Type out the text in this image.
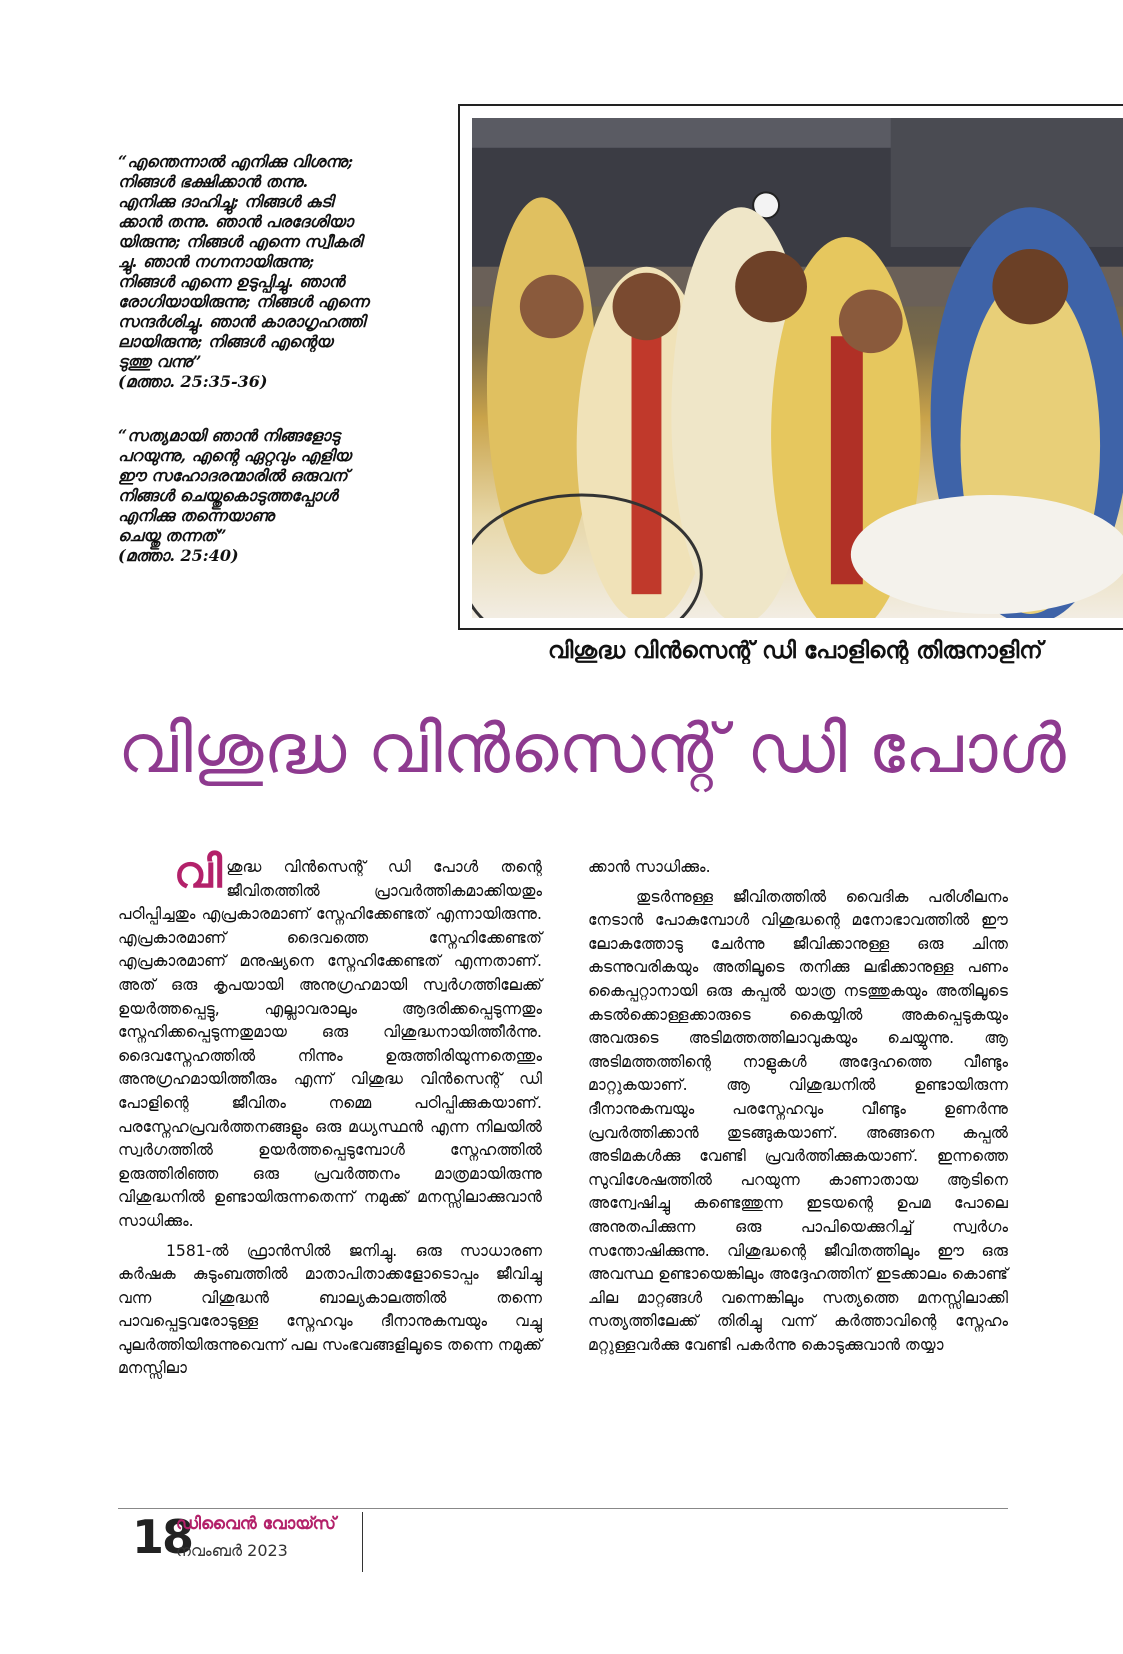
“എന്തെന്നാൽ എനിക്കു വിശന്നു;
നിങ്ങൾ ഭക്ഷിക്കാൻ തന്നു.
എനിക്കു ദാഹിച്ചു; നിങ്ങൾ കുടി
ക്കാൻ തന്നു. ഞാൻ പരദേശിയാ
യിരുന്നു; നിങ്ങൾ എന്നെ സ്വീകരി
ച്ചു. ഞാൻ നഗ്നനായിരുന്നു;
നിങ്ങൾ എന്നെ ഉടുപ്പിച്ചു. ഞാൻ
രോഗിയായിരുന്നു; നിങ്ങൾ എന്നെ
സന്ദർശിച്ചു. ഞാൻ കാരാഗൃഹത്തി
ലായിരുന്നു; നിങ്ങൾ എന്റെയ
ടുത്തു വന്നു”
(മത്താ. 25:35-36)
“സത്യമായി ഞാൻ നിങ്ങളോടു
പറയുന്നു, എന്റെ ഏറ്റവും എളിയ
ഈ സഹോദരന്മാരിൽ ഒരുവന്
നിങ്ങൾ ചെയ്തുകൊടുത്തപ്പോൾ
എനിക്കു തന്നെയാണു
ചെയ്തു തന്നത്”
(മത്താ. 25:40)
വിശുദ്ധ വിൻസെന്റ് ഡി പോളിന്റെ തിരുനാളിന്
വിശുദ്ധ വിൻസെന്റ് ഡി പോൾ

വിശുദ്ധ വിൻസെന്റ് ഡി പോൾ തന്റെ ജീവിതത്തിൽ പ്രാവർത്തികമാക്കിയതും പഠിപ്പിച്ചതും എപ്രകാരമാണ് സ്നേഹിക്കേണ്ടത് എന്നായിരുന്നു. എപ്രകാരമാണ് ദൈവത്തെ സ്നേഹിക്കേണ്ടത് എപ്രകാരമാണ് മനുഷ്യനെ സ്നേഹിക്കേണ്ടത് എന്നതാണ്. അത് ഒരു കൃപയായി അനുഗ്രഹമായി സ്വർഗത്തിലേക്ക് ഉയർത്തപ്പെട്ടു, എല്ലാവരാലും ആദരിക്കപ്പെടുന്നതും സ്നേഹിക്കപ്പെടുന്നതുമായ ഒരു വിശുദ്ധനായിത്തീർന്നു. ദൈവസ്നേഹത്തിൽ നിന്നും ഉരുത്തിരിയുന്നതെന്തും അനുഗ്രഹമായിത്തീരും എന്ന് വിശുദ്ധ വിൻസെന്റ് ഡി പോളിന്റെ ജീവിതം നമ്മെ പഠിപ്പിക്കുകയാണ്. പരസ്നേഹപ്രവർത്തനങ്ങളും ഒരു മധ്യസ്ഥൻ എന്ന നിലയിൽ സ്വർഗത്തിൽ ഉയർത്തപ്പെടുമ്പോൾ സ്നേഹത്തിൽ ഉരുത്തിരിഞ്ഞ ഒരു പ്രവർത്തനം മാത്രമായിരുന്നു വിശുദ്ധനിൽ ഉണ്ടായിരുന്നതെന്ന് നമുക്ക് മനസ്സിലാക്കുവാൻ സാധിക്കും.

1581-ൽ ഫ്രാൻസിൽ ജനിച്ചു. ഒരു സാധാരണ കർഷക കുടുംബത്തിൽ മാതാപിതാക്കളോടൊപ്പം ജീവിച്ചു വന്ന വിശുദ്ധൻ ബാല്യകാലത്തിൽ തന്നെ പാവപ്പെട്ടവരോടുള്ള സ്നേഹവും ദീനാനുകമ്പയും വച്ചു പുലർത്തിയിരുന്നുവെന്ന് പല സംഭവങ്ങളിലൂടെ തന്നെ നമുക്ക് മനസ്സിലാ

ക്കാൻ സാധിക്കും.

തുടർന്നുള്ള ജീവിതത്തിൽ വൈദിക പരിശീലനം നേടാൻ പോകുമ്പോൾ വിശുദ്ധന്റെ മനോഭാവത്തിൽ ഈ ലോകത്തോടു ചേർന്നു ജീവിക്കാനുള്ള ഒരു ചിന്ത കടന്നുവരികയും അതിലൂടെ തനിക്കു ലഭിക്കാനുള്ള പണം കൈപ്പറ്റാനായി ഒരു കപ്പൽ യാത്ര നടത്തുകയും അതിലൂടെ കടൽക്കൊള്ളക്കാരുടെ കൈയ്യിൽ അകപ്പെടുകയും അവരുടെ അടിമത്തത്തിലാവുകയും ചെയ്യുന്നു. ആ അടിമത്തത്തിന്റെ നാളുകൾ അദ്ദേഹത്തെ വീണ്ടും മാറ്റുകയാണ്. ആ വിശുദ്ധനിൽ ഉണ്ടായിരുന്ന ദീനാനുകമ്പയും പരസ്നേഹവും വീണ്ടും ഉണർന്നു പ്രവർത്തിക്കാൻ തുടങ്ങുകയാണ്. അങ്ങനെ കപ്പൽ അടിമകൾക്കു വേണ്ടി പ്രവർത്തിക്കുകയാണ്. ഇന്നത്തെ സുവിശേഷത്തിൽ പറയുന്ന കാണാതായ ആടിനെ അന്വേഷിച്ചു കണ്ടെത്തുന്ന ഇടയന്റെ ഉപമ പോലെ അനുതപിക്കുന്ന ഒരു പാപിയെക്കുറിച്ച് സ്വർഗം സന്തോഷിക്കുന്നു. വിശുദ്ധന്റെ ജീവിതത്തിലും ഈ ഒരു അവസ്ഥ ഉണ്ടായെങ്കിലും അദ്ദേഹത്തിന് ഇടക്കാലം കൊണ്ട് ചില മാറ്റങ്ങൾ വന്നെങ്കിലും സത്യത്തെ മനസ്സിലാക്കി സത്യത്തിലേക്ക് തിരിച്ചു വന്ന് കർത്താവിന്റെ സ്നേഹം മറ്റുള്ളവർക്കു വേണ്ടി പകർന്നു കൊടുക്കുവാൻ തയ്യാ

18
ഡിവൈൻ വോയ്സ്
നവംബർ 2023
